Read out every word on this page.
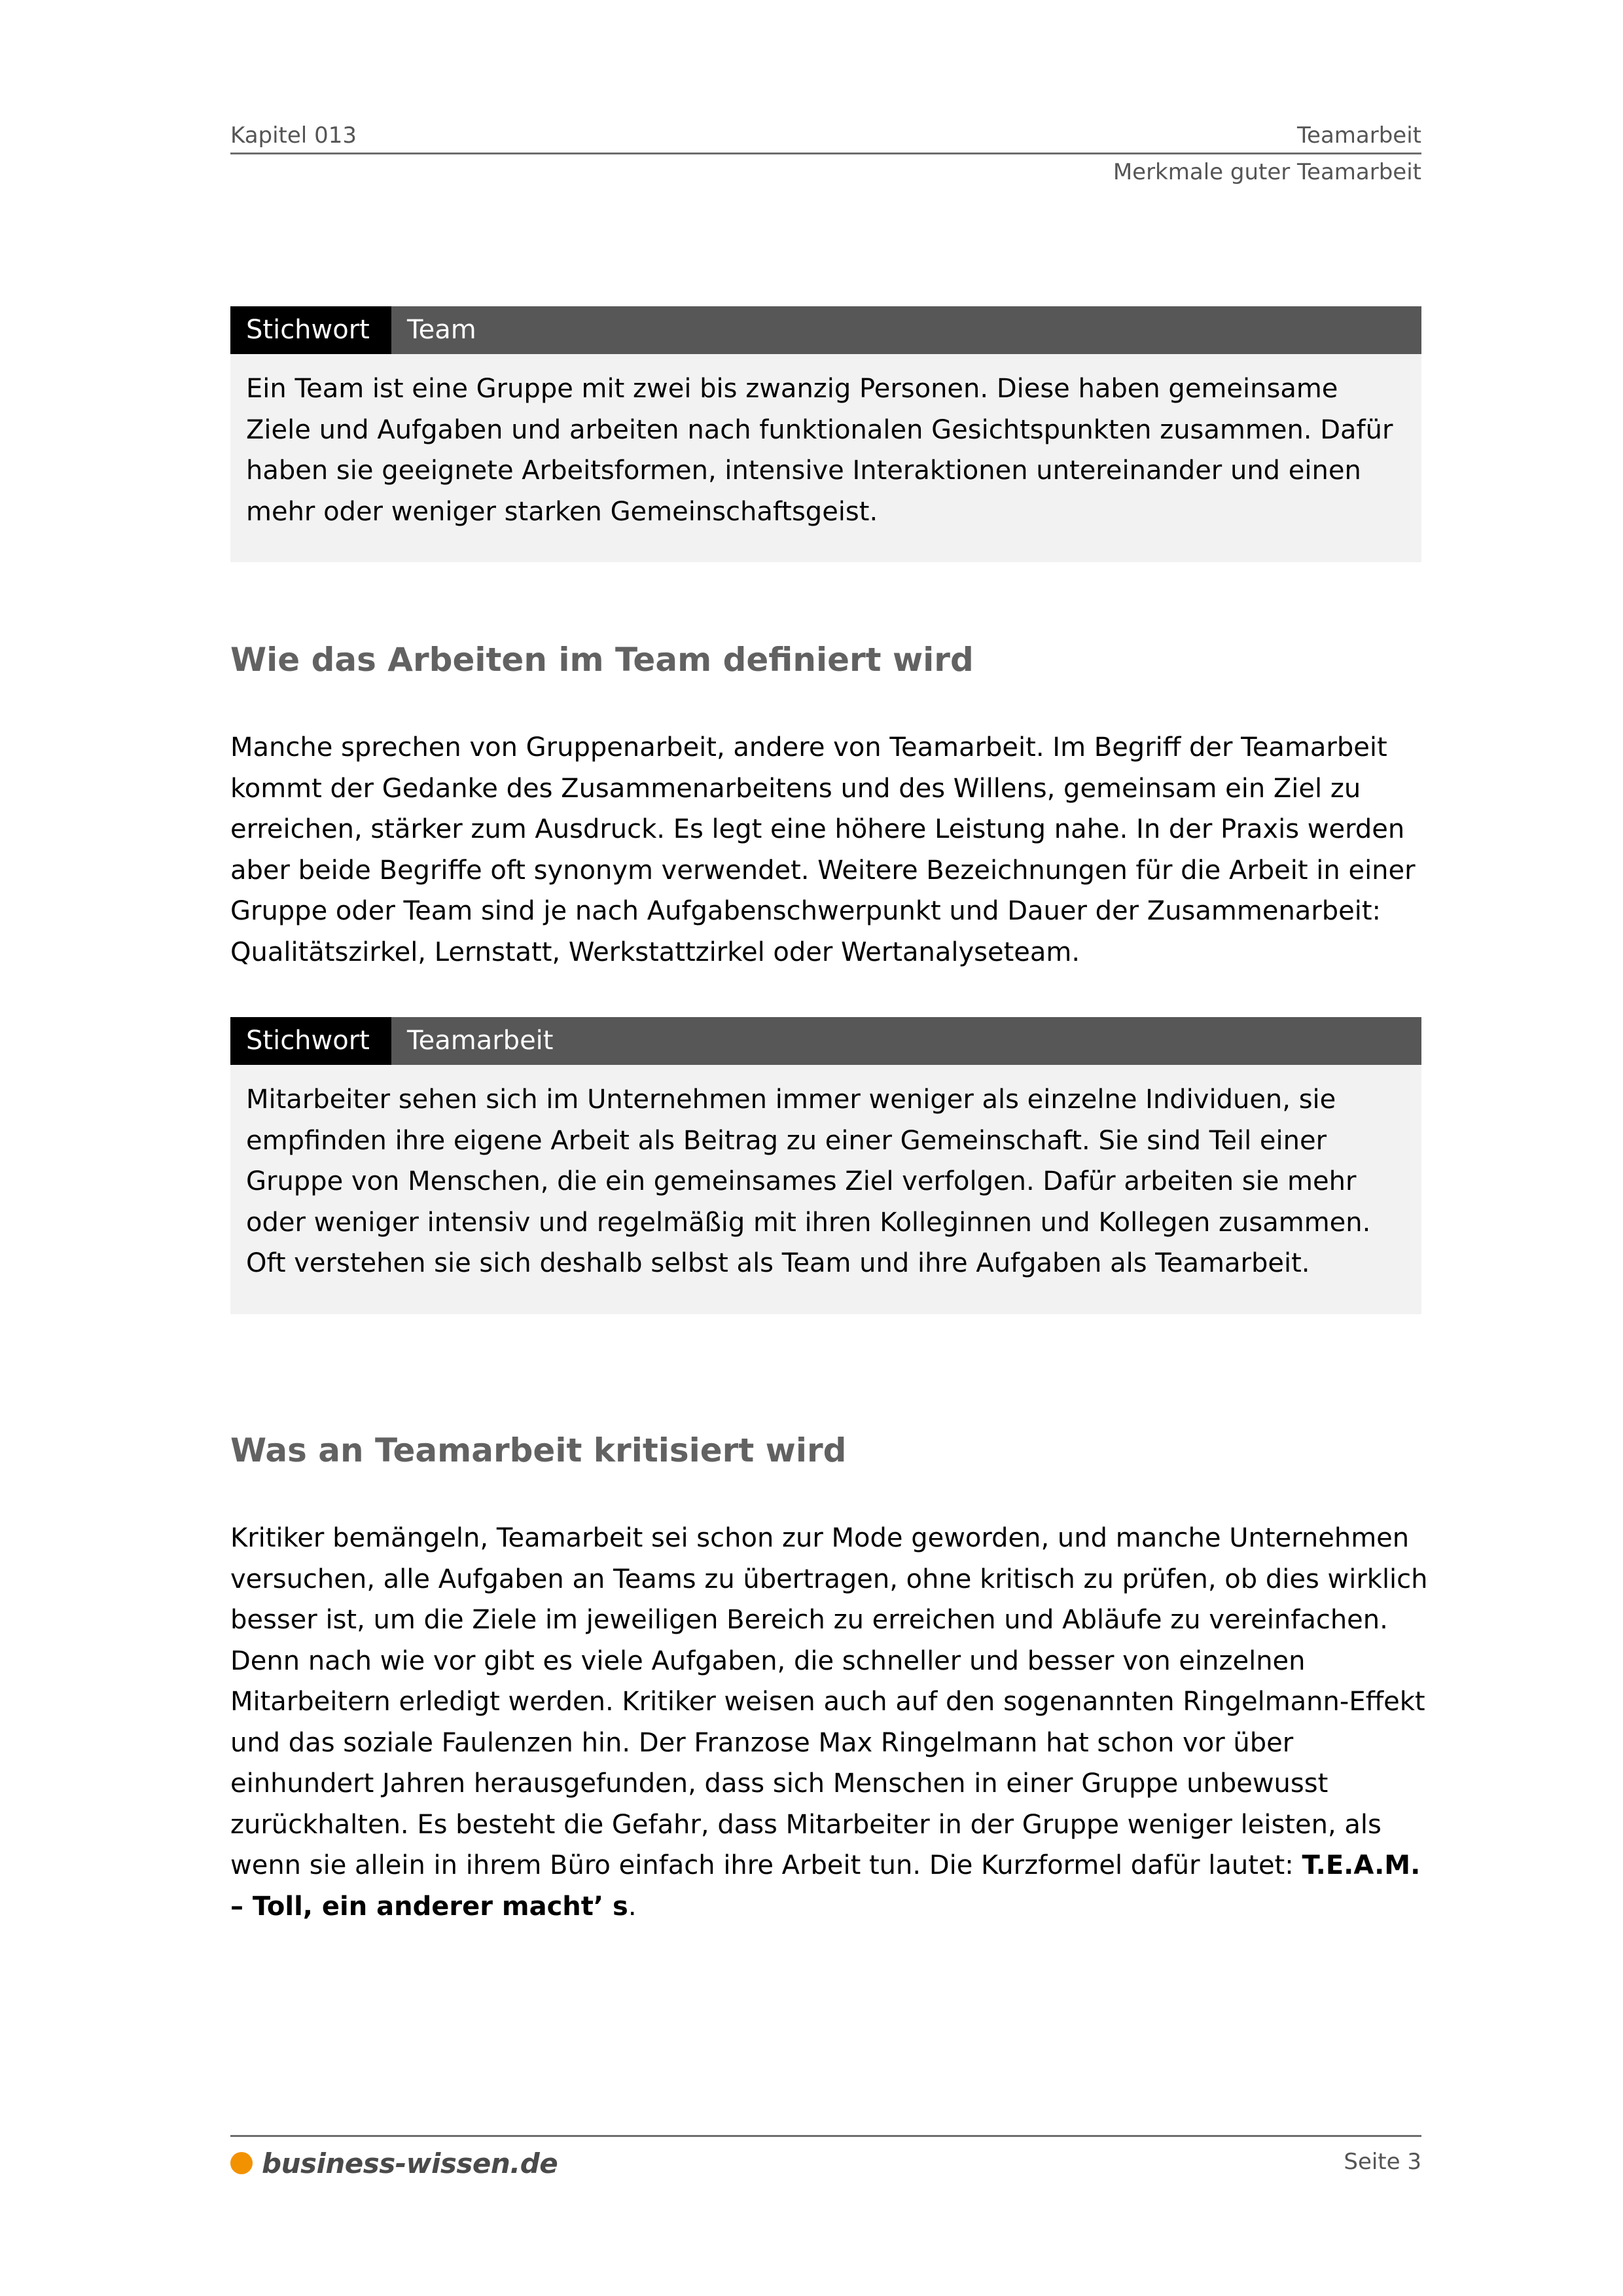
Kapitel 013	Teamarbeit
Merkmale guter Teamarbeit
Stichwort	Team
Ein Team ist eine Gruppe mit zwei bis zwanzig Personen. Diese haben gemeinsame Ziele und Aufgaben und arbeiten nach funktionalen Gesichtspunkten zusammen. Dafür haben sie geeignete Arbeitsformen, intensive Interaktionen untereinander und einen mehr oder weniger starken Gemeinschaftsgeist.
Wie das Arbeiten im Team definiert wird
Manche sprechen von Gruppenarbeit, andere von Teamarbeit. Im Begriff der Teamarbeit kommt der Gedanke des Zusammenarbeitens und des Willens, gemeinsam ein Ziel zu erreichen, stärker zum Ausdruck. Es legt eine höhere Leistung nahe. In der Praxis werden aber beide Begriffe oft synonym verwendet. Weitere Bezeichnungen für die Arbeit in einer Gruppe oder Team sind je nach Aufgabenschwerpunkt und Dauer der Zusammenarbeit: Qualitätszirkel, Lernstatt, Werkstattzirkel oder Wertanalyseteam.
Stichwort	Teamarbeit
Mitarbeiter sehen sich im Unternehmen immer weniger als einzelne Individuen, sie empfinden ihre eigene Arbeit als Beitrag zu einer Gemeinschaft. Sie sind Teil einer Gruppe von Menschen, die ein gemeinsames Ziel verfolgen. Dafür arbeiten sie mehr oder weniger intensiv und regelmäßig mit ihren Kolleginnen und Kollegen zusammen. Oft verstehen sie sich deshalb selbst als Team und ihre Aufgaben als Teamarbeit.
Was an Teamarbeit kritisiert wird
Kritiker bemängeln, Teamarbeit sei schon zur Mode geworden, und manche Unternehmen versuchen, alle Aufgaben an Teams zu übertragen, ohne kritisch zu prüfen, ob dies wirklich besser ist, um die Ziele im jeweiligen Bereich zu erreichen und Abläufe zu vereinfachen. Denn nach wie vor gibt es viele Aufgaben, die schneller und besser von einzelnen Mitarbeitern erledigt werden. Kritiker weisen auch auf den sogenannten Ringelmann-Effekt und das soziale Faulenzen hin. Der Franzose Max Ringelmann hat schon vor über einhundert Jahren herausgefunden, dass sich Menschen in einer Gruppe unbewusst zurückhalten. Es besteht die Gefahr, dass Mitarbeiter in der Gruppe weniger leisten, als wenn sie allein in ihrem Büro einfach ihre Arbeit tun. Die Kurzformel dafür lautet: T.E.A.M. – Toll, ein anderer macht’ s.
business-wissen.de	Seite 3
